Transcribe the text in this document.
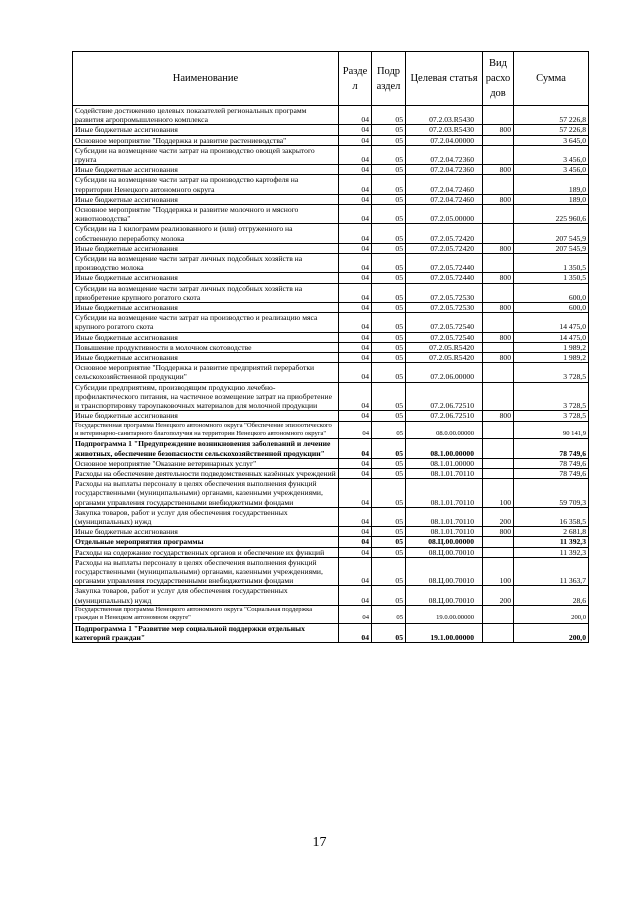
Наименование	Разде л	Подр аздел	Целевая статья	Вид расхо дов	Сумма
Содействие достижению целевых показателей региональных программ развития агропромышленного комплекса	04	05	07.2.03.R5430		57 226,8
Иные бюджетные ассигнования	04	05	07.2.03.R5430	800	57 226,8
Основное мероприятие "Поддержка и развитие растениеводства"	04	05	07.2.04.00000		3 645,0
Субсидии на возмещение части затрат на производство овощей закрытого грунта	04	05	07.2.04.72360		3 456,0
Иные бюджетные ассигнования	04	05	07.2.04.72360	800	3 456,0
Субсидии на возмещение части затрат на производство картофеля на территории Ненецкого автономного округа	04	05	07.2.04.72460		189,0
Иные бюджетные ассигнования	04	05	07.2.04.72460	800	189,0
Основное мероприятие "Поддержка и развитие молочного и мясного животноводства"	04	05	07.2.05.00000		225 960,6
Субсидии на 1 килограмм реализованного и (или) отгруженного на собственную переработку молока	04	05	07.2.05.72420		207 545,9
Иные бюджетные ассигнования	04	05	07.2.05.72420	800	207 545,9
Субсидии на возмещение части затрат личных подсобных хозяйств на производство молока	04	05	07.2.05.72440		1 350,5
Иные бюджетные ассигнования	04	05	07.2.05.72440	800	1 350,5
Субсидии на возмещение части затрат личных подсобных хозяйств на приобретение крупного рогатого скота	04	05	07.2.05.72530		600,0
Иные бюджетные ассигнования	04	05	07.2.05.72530	800	600,0
Субсидии на возмещение части затрат на производство и реализацию мяса крупного рогатого скота	04	05	07.2.05.72540		14 475,0
Иные бюджетные ассигнования	04	05	07.2.05.72540	800	14 475,0
Повышение продуктивности в молочном скотоводстве	04	05	07.2.05.R5420		1 989,2
Иные бюджетные ассигнования	04	05	07.2.05.R5420	800	1 989,2
Основное мероприятие "Поддержка и развитие предприятий переработки сельскохозяйственной продукции"	04	05	07.2.06.00000		3 728,5
Субсидии предприятиям, производящим продукцию лечебно-профилактического питания, на частичное возмещение затрат на приобретение и транспортировку тароупаковочных материалов для молочной продукции	04	05	07.2.06.72510		3 728,5
Иные бюджетные ассигнования	04	05	07.2.06.72510	800	3 728,5
Государственная программа Ненецкого автономного округа "Обеспечение эпизоотического и ветеринарно-санитарного благополучия на территории Ненецкого автономного округа"	04	05	08.0.00.00000		90 141,9
Подпрограмма 1 "Предупреждение возникновения заболеваний и лечение животных, обеспечение безопасности сельскохозяйственной продукции"	04	05	08.1.00.00000		78 749,6
Основное мероприятие "Оказание ветеринарных услуг"	04	05	08.1.01.00000		78 749,6
Расходы на обеспечение деятельности подведомственных казённых учреждений	04	05	08.1.01.70110		78 749,6
Расходы на выплаты персоналу в целях обеспечения выполнения функций государственными (муниципальными) органами, казенными учреждениями, органами управления государственными внебюджетными фондами	04	05	08.1.01.70110	100	59 709,3
Закупка товаров, работ и услуг для обеспечения государственных (муниципальных) нужд	04	05	08.1.01.70110	200	16 358,5
Иные бюджетные ассигнования	04	05	08.1.01.70110	800	2 681,8
Отдельные мероприятия программы	04	05	08.Ц.00.00000		11 392,3
Расходы на содержание государственных органов и обеспечение их функций	04	05	08.Ц.00.70010		11 392,3
Расходы на выплаты персоналу в целях обеспечения выполнения функций государственными (муниципальными) органами, казенными учреждениями, органами управления государственными внебюджетными фондами	04	05	08.Ц.00.70010	100	11 363,7
Закупка товаров, работ и услуг для обеспечения государственных (муниципальных) нужд	04	05	08.Ц.00.70010	200	28,6
Государственная программа Ненецкого автономного округа "Социальная поддержка граждан в Ненецком автономном округе"	04	05	19.0.00.00000		200,0
Подпрограмма 1 "Развитие мер социальной поддержки отдельных категорий граждан"	04	05	19.1.00.00000		200,0
17
